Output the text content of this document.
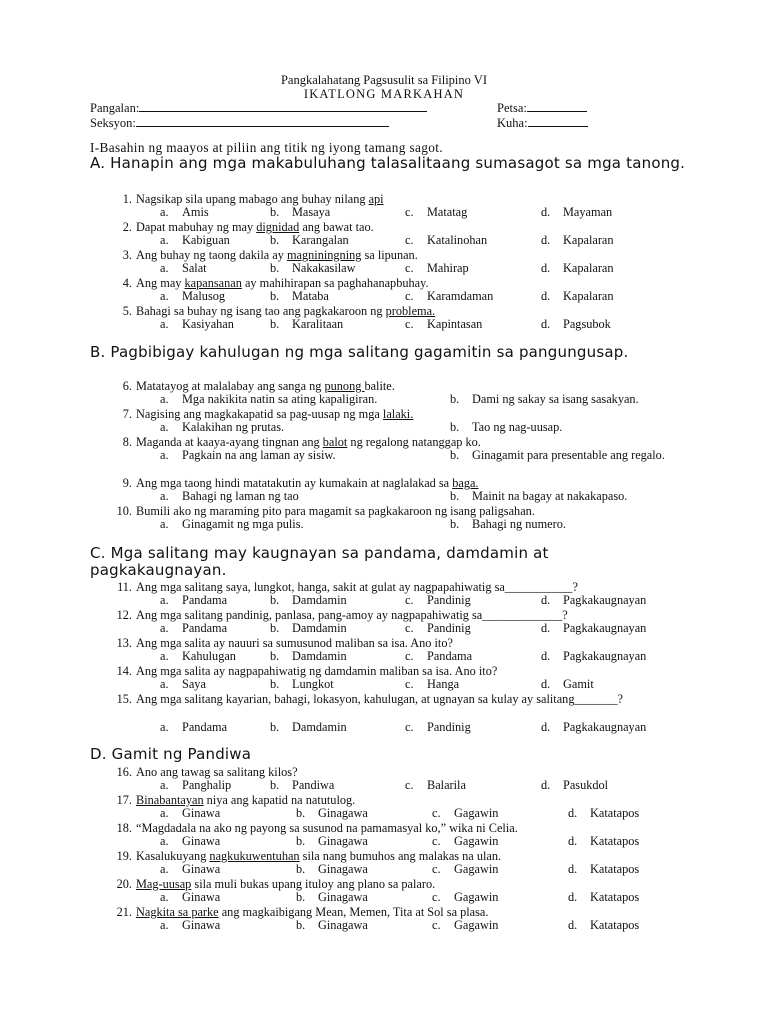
Pangkalahatang Pagsusulit sa Filipino VI
IKATLONG MARKAHAN
Pangalan:	Petsa:
Seksyon:	Kuha:
I-Basahin ng maayos at piliin ang titik ng iyong tamang sagot.
A. Hanapin ang mga makabuluhang talasalitaang sumasagot sa mga tanong.
B. Pagbibigay kahulugan ng mga salitang gagamitin sa pangungusap.
C. Mga salitang may kaugnayan sa pandama, damdamin at pagkakaugnayan.
D. Gamit ng Pandiwa
1. Nagsikap sila upang mabago ang buhay nilang api
a.	Amis	b.	Masaya	c.	Matatag	d.	Mayaman
2. Dapat mabuhay ng may dignidad ang bawat tao.
a.	Kabiguan	b.	Karangalan	c.	Katalinohan	d.	Kapalaran
3. Ang buhay ng taong dakila ay magniningning sa lipunan.
a.	Salat	b.	Nakakasilaw	c.	Mahirap	d.	Kapalaran
4. Ang may kapansanan ay mahihirapan sa paghahanapbuhay.
a.	Malusog	b.	Mataba	c.	Karamdaman	d.	Kapalaran
5. Bahagi sa buhay ng isang tao ang pagkakaroon ng problema.
a.	Kasiyahan	b.	Karalitaan	c.	Kapintasan	d.	Pagsubok
6. Matatayog at malalabay ang sanga ng punong balite.
a.	Mga nakikita natin sa ating kapaligiran.	b.	Dami ng sakay sa isang sasakyan.
7. Nagising ang magkakapatid sa pag-uusap ng mga lalaki.
a.	Kalakihan ng prutas.	b.	Tao ng nag-uusap.
8. Maganda at kaaya-ayang tingnan ang balot ng regalong natanggap ko.
a.	Pagkain na ang laman ay sisiw.	b.	Ginagamit para presentable ang regalo.
9. Ang mga taong hindi matatakutin ay kumakain at naglalakad sa baga.
a.	Bahagi ng laman ng tao	b.	Mainit na bagay at nakakapaso.
10. Bumili ako ng maraming pito para magamit sa pagkakaroon ng isang paligsahan.
a.	Ginagamit ng mga pulis.	b.	Bahagi ng numero.
11. Ang mga salitang saya, lungkot, hanga, sakit at gulat ay nagpapahiwatig sa___________?
a.	Pandama	b.	Damdamin	c.	Pandinig	d.	Pagkakaugnayan
12. Ang mga salitang pandinig, panlasa, pang-amoy ay nagpapahiwatig sa_____________?
a.	Pandama	b.	Damdamin	c.	Pandinig	d.	Pagkakaugnayan
13. Ang mga salita ay nauuri sa sumusunod maliban sa isa. Ano ito?
a.	Kahulugan	b.	Damdamin	c.	Pandama	d.	Pagkakaugnayan
14. Ang mga salita ay nagpapahiwatig ng damdamin maliban sa isa. Ano ito?
a.	Saya	b.	Lungkot	c.	Hanga	d.	Gamit
15. Ang mga salitang kayarian, bahagi, lokasyon, kahulugan, at ugnayan sa kulay ay salitang_______?
a.	Pandama	b.	Damdamin	c.	Pandinig	d.	Pagkakaugnayan
16. Ano ang tawag sa salitang kilos?
a.	Panghalip	b.	Pandiwa	c.	Balarila	d.	Pasukdol
17. Binabantayan niya ang kapatid na natutulog.
a.	Ginawa	b.	Ginagawa	c.	Gagawin	d.	Katatapos
18. “Magdadala na ako ng payong sa susunod na pamamasyal ko,” wika ni Celia.
a.	Ginawa	b.	Ginagawa	c.	Gagawin	d.	Katatapos
19. Kasalukuyang nagkukuwentuhan sila nang bumuhos ang malakas na ulan.
a.	Ginawa	b.	Ginagawa	c.	Gagawin	d.	Katatapos
20. Mag-uusap sila muli bukas upang ituloy ang plano sa palaro.
a.	Ginawa	b.	Ginagawa	c.	Gagawin	d.	Katatapos
21. Nagkita sa parke ang magkaibigang Mean, Memen, Tita at Sol sa plasa.
a.	Ginawa	b.	Ginagawa	c.	Gagawin	d.	Katatapos
